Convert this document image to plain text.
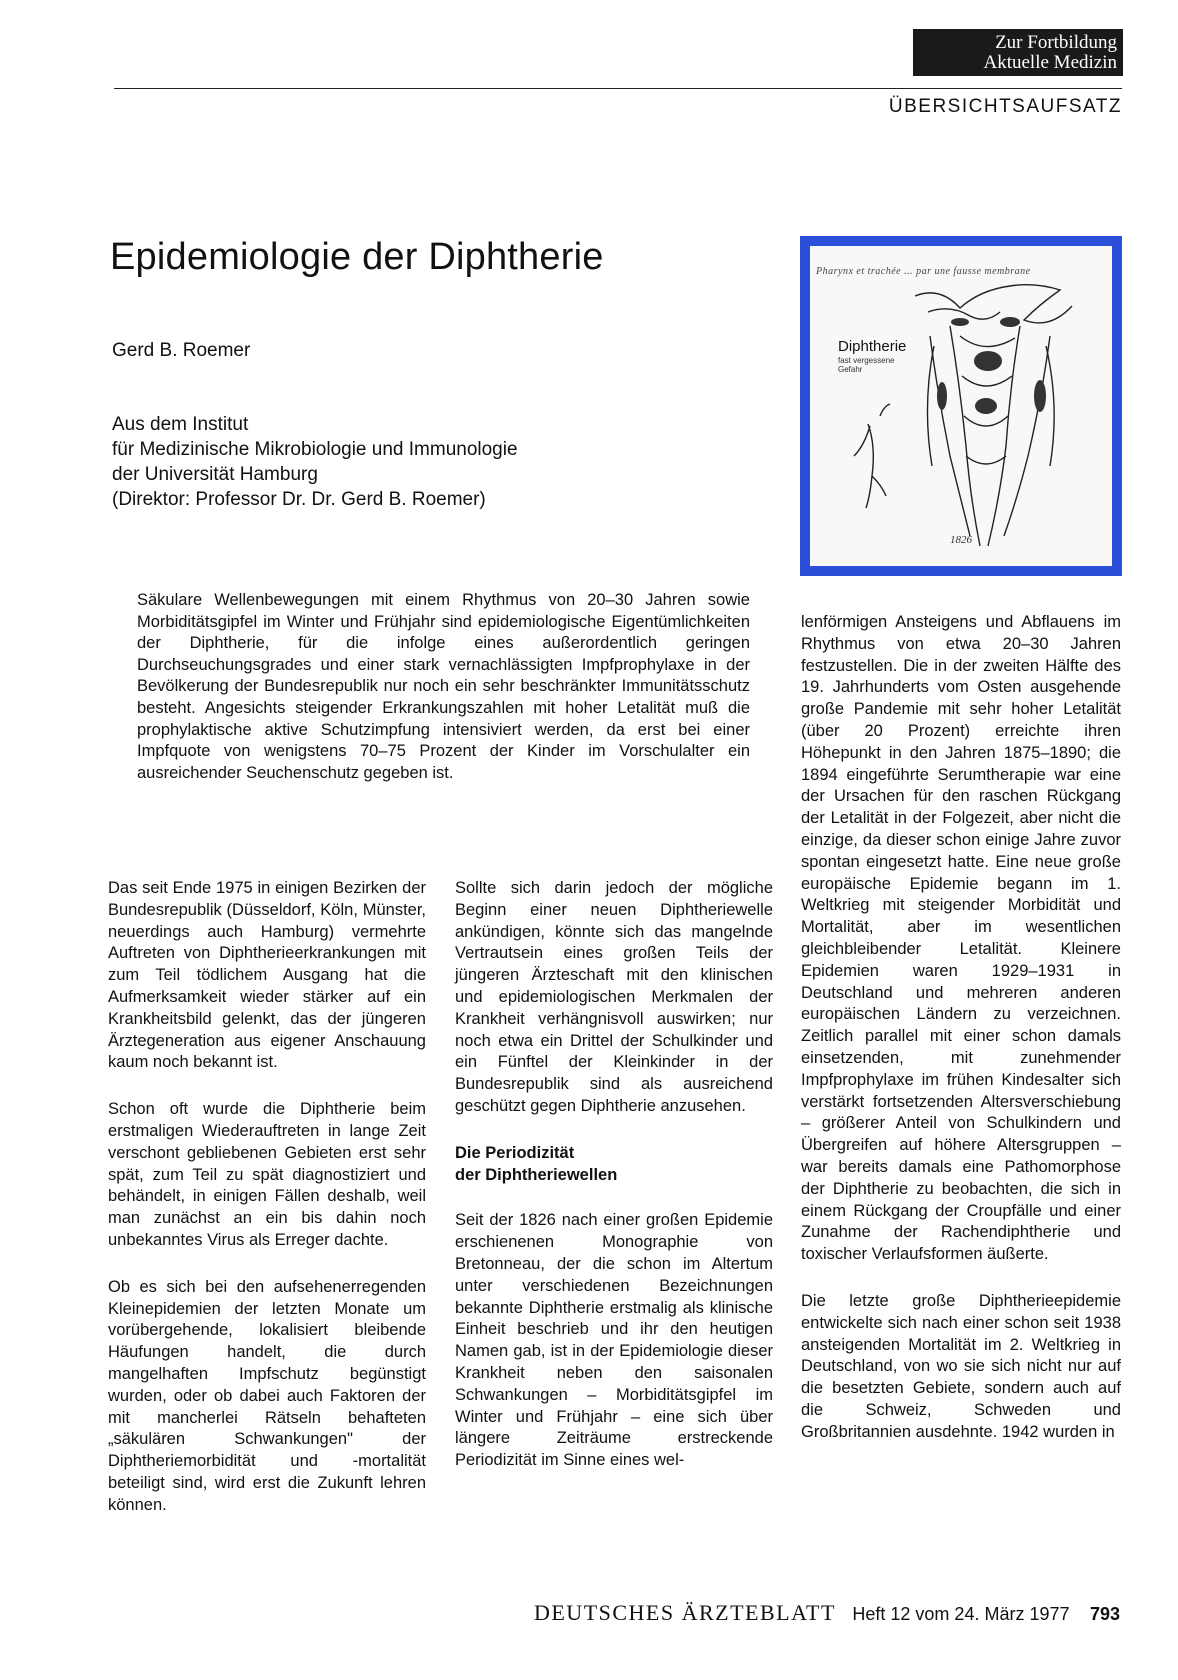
Zur Fortbildung
Aktuelle Medizin
ÜBERSICHTSAUFSATZ
Epidemiologie der Diphtherie
Gerd B. Roemer
Aus dem Institut
für Medizinische Mikrobiologie und Immunologie
der Universität Hamburg
(Direktor: Professor Dr. Dr. Gerd B. Roemer)
Pharynx et trachée ... par une fausse membrane
Diphtherie
fast vergessene Gefahr
1826

Säkulare Wellenbewegungen mit einem Rhythmus von 20–30 Jahren sowie Morbiditätsgipfel im Winter und Frühjahr sind epidemiologische Eigentümlichkeiten der Diphtherie, für die infolge eines außerordentlich geringen Durchseuchungsgrades und einer stark vernachlässigten Impfprophylaxe in der Bevölkerung der Bundesrepublik nur noch ein sehr beschränkter Immunitätsschutz besteht. Angesichts steigender Erkrankungszahlen mit hoher Letalität muß die prophylaktische aktive Schutzimpfung intensiviert werden, da erst bei einer Impfquote von wenigstens 70–75 Prozent der Kinder im Vorschulalter ein ausreichender Seuchenschutz gegeben ist.

Das seit Ende 1975 in einigen Bezirken der Bundesrepublik (Düsseldorf, Köln, Münster, neuerdings auch Hamburg) vermehrte Auftreten von Diphtherieerkrankungen mit zum Teil tödlichem Ausgang hat die Aufmerksamkeit wieder stärker auf ein Krankheitsbild gelenkt, das der jüngeren Ärztegeneration aus eigener Anschauung kaum noch bekannt ist.

Schon oft wurde die Diphtherie beim erstmaligen Wiederauftreten in lange Zeit verschont gebliebenen Gebieten erst sehr spät, zum Teil zu spät diagnostiziert und behändelt, in einigen Fällen deshalb, weil man zunächst an ein bis dahin noch unbekanntes Virus als Erreger dachte.

Ob es sich bei den aufsehenerregenden Kleinepidemien der letzten Monate um vorübergehende, lokalisiert bleibende Häufungen handelt, die durch mangelhaften Impfschutz begünstigt wurden, oder ob dabei auch Faktoren der mit mancherlei Rätseln behafteten „säkulären Schwankungen" der Diphtheriemorbidität und -mortalität beteiligt sind, wird erst die Zukunft lehren können.

Sollte sich darin jedoch der mögliche Beginn einer neuen Diphtheriewelle ankündigen, könnte sich das mangelnde Vertrautsein eines großen Teils der jüngeren Ärzteschaft mit den klinischen und epidemiologischen Merkmalen der Krankheit verhängnisvoll auswirken; nur noch etwa ein Drittel der Schulkinder und ein Fünftel der Kleinkinder in der Bundesrepublik sind als ausreichend geschützt gegen Diphtherie anzusehen.

Die Periodizität
der Diphtheriewellen

Seit der 1826 nach einer großen Epidemie erschienenen Monographie von Bretonneau, der die schon im Altertum unter verschiedenen Bezeichnungen bekannte Diphtherie erstmalig als klinische Einheit beschrieb und ihr den heutigen Namen gab, ist in der Epidemiologie dieser Krankheit neben den saisonalen Schwankungen – Morbiditätsgipfel im Winter und Frühjahr – eine sich über längere Zeiträume erstreckende Periodizität im Sinne eines wel-

lenförmigen Ansteigens und Abflauens im Rhythmus von etwa 20–30 Jahren festzustellen. Die in der zweiten Hälfte des 19. Jahrhunderts vom Osten ausgehende große Pandemie mit sehr hoher Letalität (über 20 Prozent) erreichte ihren Höhepunkt in den Jahren 1875–1890; die 1894 eingeführte Serumtherapie war eine der Ursachen für den raschen Rückgang der Letalität in der Folgezeit, aber nicht die einzige, da dieser schon einige Jahre zuvor spontan eingesetzt hatte. Eine neue große europäische Epidemie begann im 1. Weltkrieg mit steigender Morbidität und Mortalität, aber im wesentlichen gleichbleibender Letalität. Kleinere Epidemien waren 1929–1931 in Deutschland und mehreren anderen europäischen Ländern zu verzeichnen. Zeitlich parallel mit einer schon damals einsetzenden, mit zunehmender Impfprophylaxe im frühen Kindesalter sich verstärkt fortsetzenden Altersverschiebung – größerer Anteil von Schulkindern und Übergreifen auf höhere Altersgruppen – war bereits damals eine Pathomorphose der Diphtherie zu beobachten, die sich in einem Rückgang der Croupfälle und einer Zunahme der Rachendiphtherie und toxischer Verlaufsformen äußerte.

Die letzte große Diphtherieepidemie entwickelte sich nach einer schon seit 1938 ansteigenden Mortalität im 2. Weltkrieg in Deutschland, von wo sie sich nicht nur auf die besetzten Gebiete, sondern auch auf die Schweiz, Schweden und Großbritannien ausdehnte. 1942 wurden in

DEUTSCHES ÄRZTEBLATT Heft 12 vom 24. März 1977 793
